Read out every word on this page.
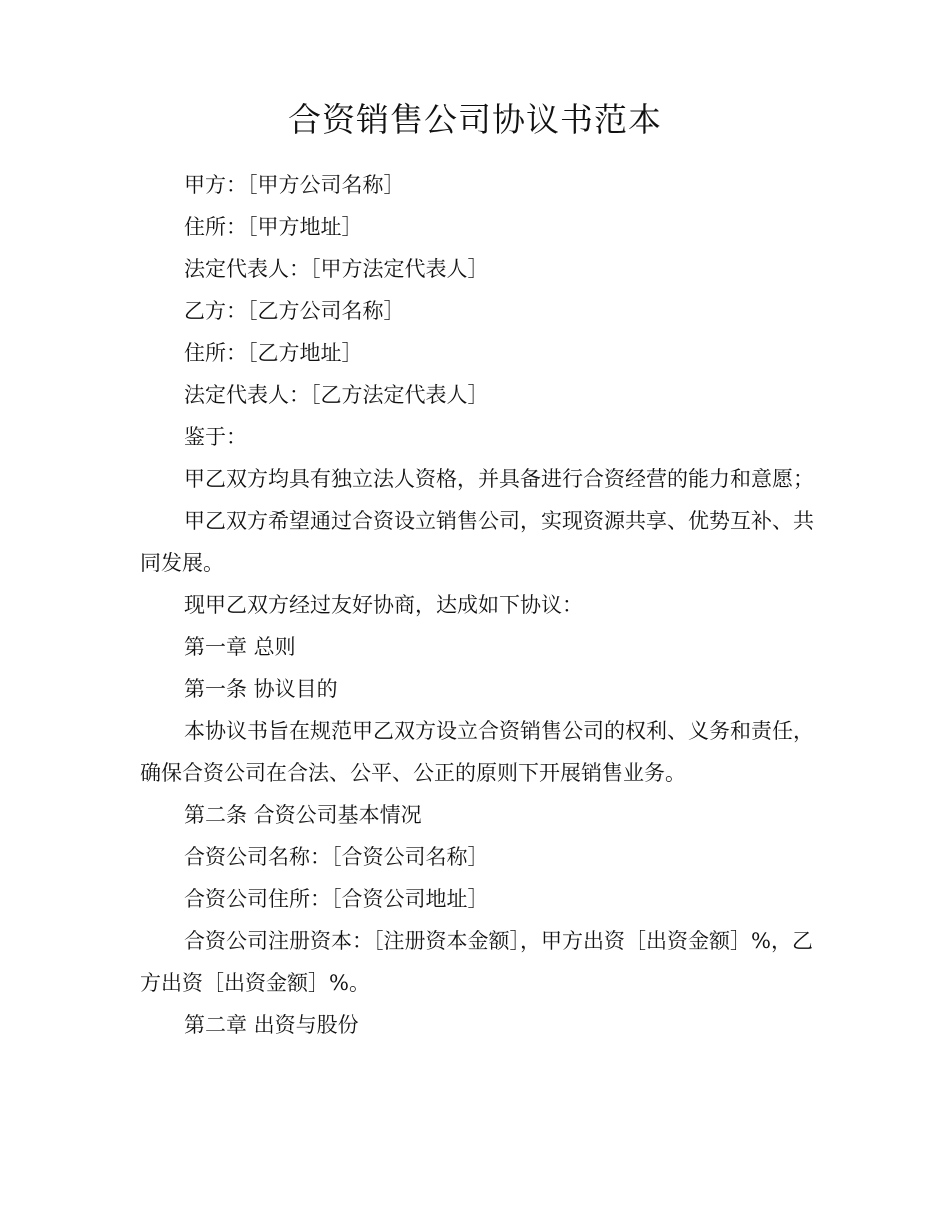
合资销售公司协议书范本

甲方：［甲方公司名称］

住所：［甲方地址］

法定代表人：［甲方法定代表人］

乙方：［乙方公司名称］

住所：［乙方地址］

法定代表人：［乙方法定代表人］

鉴于：

甲乙双方均具有独立法人资格，并具备进行合资经营的能力和意愿；

甲乙双方希望通过合资设立销售公司，实现资源共享、优势互补、共同发展。

现甲乙双方经过友好协商，达成如下协议：

第一章 总则

第一条 协议目的

本协议书旨在规范甲乙双方设立合资销售公司的权利、义务和责任，确保合资公司在合法、公平、公正的原则下开展销售业务。

第二条 合资公司基本情况

合资公司名称：［合资公司名称］

合资公司住所：［合资公司地址］

合资公司注册资本：［注册资本金额］，甲方出资［出资金额］%，乙方出资［出资金额］%。

第二章 出资与股份
